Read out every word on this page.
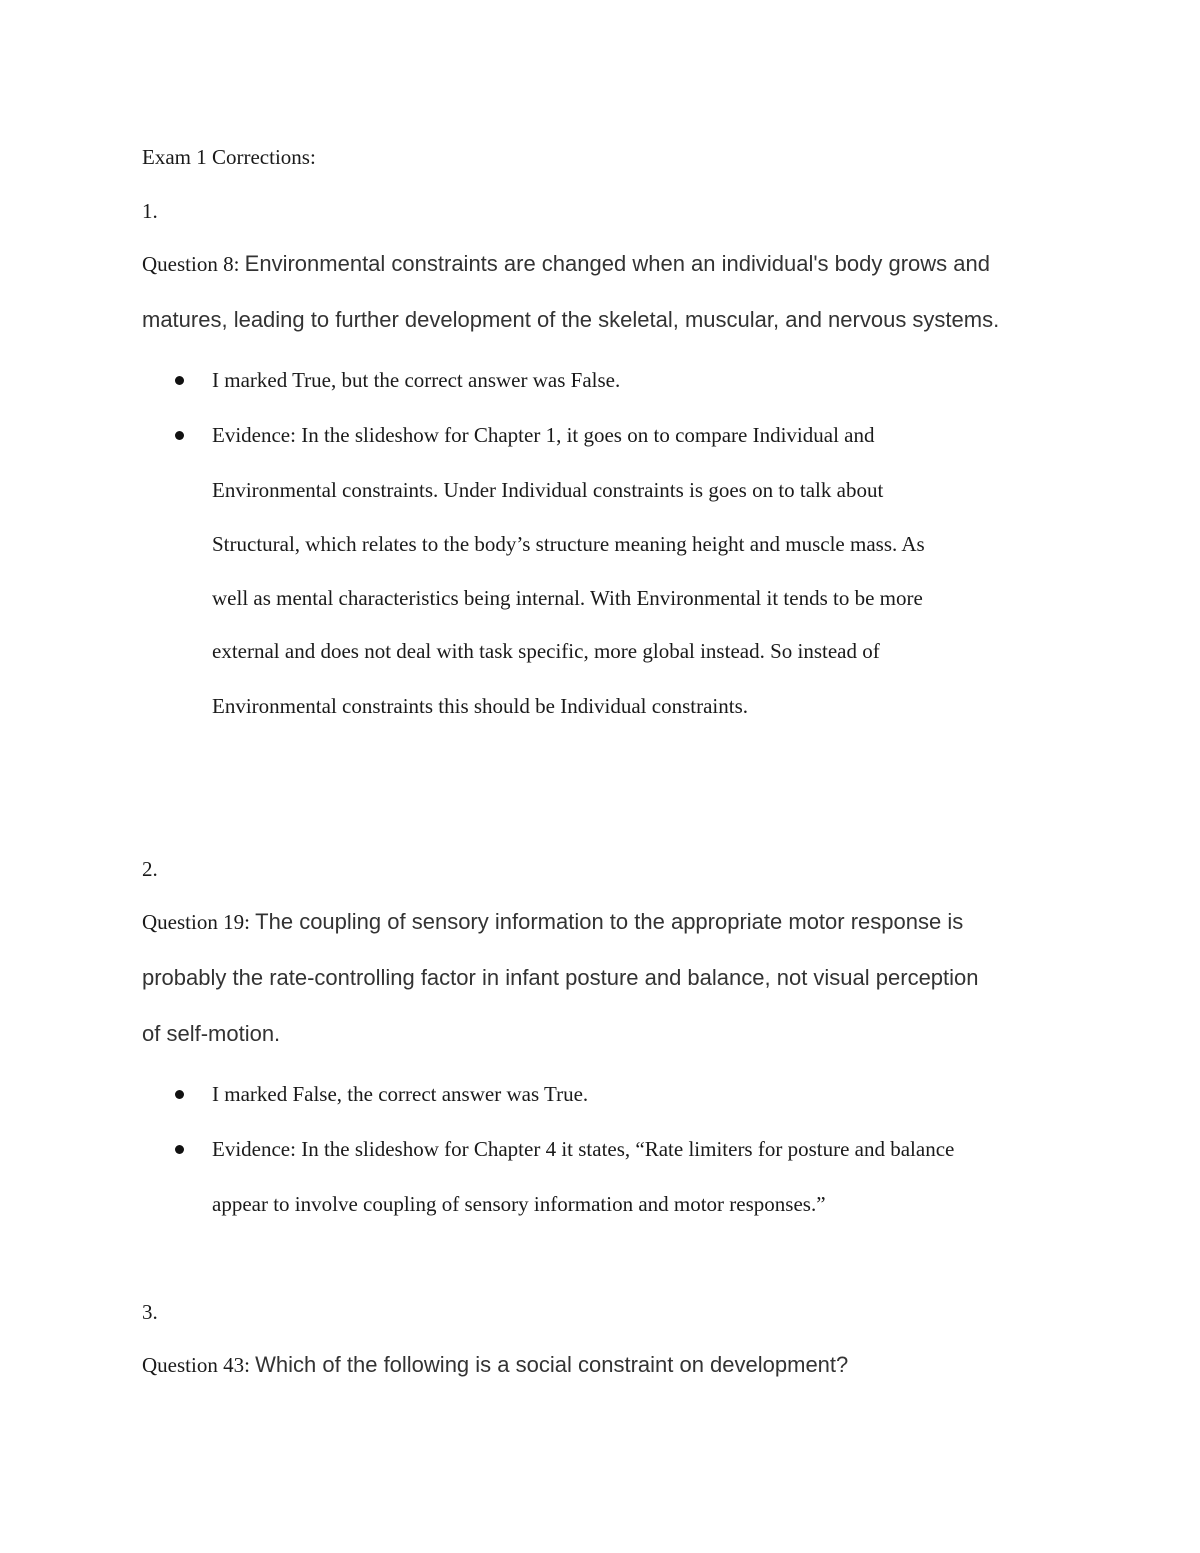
Exam 1 Corrections:
1.
Question 8: Environmental constraints are changed when an individual's body grows and
matures, leading to further development of the skeletal, muscular, and nervous systems.
I marked True, but the correct answer was False.
Evidence: In the slideshow for Chapter 1, it goes on to compare Individual and
Environmental constraints. Under Individual constraints is goes on to talk about
Structural, which relates to the body’s structure meaning height and muscle mass. As
well as mental characteristics being internal. With Environmental it tends to be more
external and does not deal with task specific, more global instead. So instead of
Environmental constraints this should be Individual constraints.
2.
Question 19: The coupling of sensory information to the appropriate motor response is
probably the rate-controlling factor in infant posture and balance, not visual perception
of self-motion.
I marked False, the correct answer was True.
Evidence: In the slideshow for Chapter 4 it states, “Rate limiters for posture and balance
appear to involve coupling of sensory information and motor responses.”
3.
Question 43: Which of the following is a social constraint on development?
